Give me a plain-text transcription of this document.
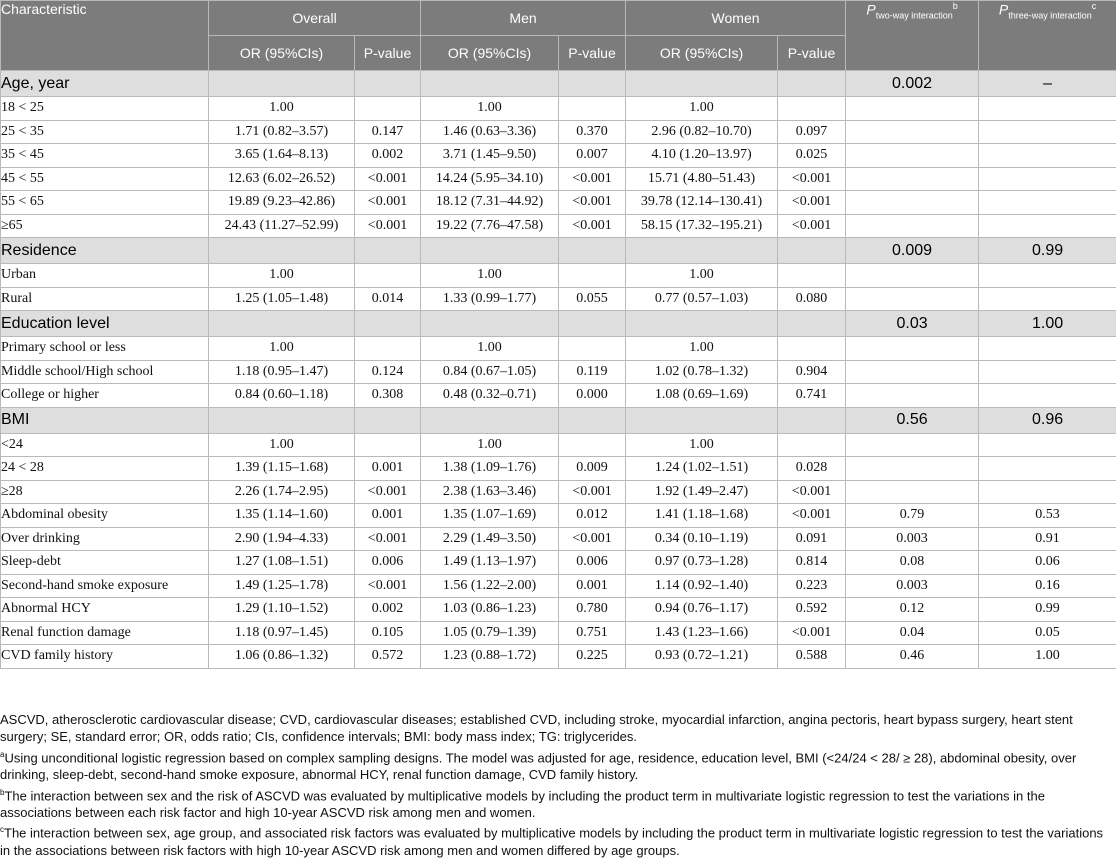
Characteristic	Overall		Men		Women		$P_{two-way interaction}^b$	$P_{three-way interaction}^c$
	OR (95%CIs)	P-value	OR (95%CIs)	P-value	OR (95%CIs)	P-value		
Age, year							0.002	–
18 < 25	1.00		1.00		1.00			
25 < 35	1.71 (0.82–3.57)	0.147	1.46 (0.63–3.36)	0.370	2.96 (0.82–10.70)	0.097		
35 < 45	3.65 (1.64–8.13)	0.002	3.71 (1.45–9.50)	0.007	4.10 (1.20–13.97)	0.025		
45 < 55	12.63 (6.02–26.52)	<0.001	14.24 (5.95–34.10)	<0.001	15.71 (4.80–51.43)	<0.001		
55 < 65	19.89 (9.23–42.86)	<0.001	18.12 (7.31–44.92)	<0.001	39.78 (12.14–130.41)	<0.001		
≥65	24.43 (11.27–52.99)	<0.001	19.22 (7.76–47.58)	<0.001	58.15 (17.32–195.21)	<0.001		
Residence							0.009	0.99
Urban	1.00		1.00		1.00			
Rural	1.25 (1.05–1.48)	0.014	1.33 (0.99–1.77)	0.055	0.77 (0.57–1.03)	0.080		
Education level							0.03	1.00
Primary school or less	1.00		1.00		1.00			
Middle school/High school	1.18 (0.95–1.47)	0.124	0.84 (0.67–1.05)	0.119	1.02 (0.78–1.32)	0.904		
College or higher	0.84 (0.60–1.18)	0.308	0.48 (0.32–0.71)	0.000	1.08 (0.69–1.69)	0.741		
BMI							0.56	0.96
<24	1.00		1.00		1.00			
24 < 28	1.39 (1.15–1.68)	0.001	1.38 (1.09–1.76)	0.009	1.24 (1.02–1.51)	0.028		
≥28	2.26 (1.74–2.95)	<0.001	2.38 (1.63–3.46)	<0.001	1.92 (1.49–2.47)	<0.001		
Abdominal obesity	1.35 (1.14–1.60)	0.001	1.35 (1.07–1.69)	0.012	1.41 (1.18–1.68)	<0.001	0.79	0.53
Over drinking	2.90 (1.94–4.33)	<0.001	2.29 (1.49–3.50)	<0.001	0.34 (0.10–1.19)	0.091	0.003	0.91
Sleep-debt	1.27 (1.08–1.51)	0.006	1.49 (1.13–1.97)	0.006	0.97 (0.73–1.28)	0.814	0.08	0.06
Second-hand smoke exposure	1.49 (1.25–1.78)	<0.001	1.56 (1.22–2.00)	0.001	1.14 (0.92–1.40)	0.223	0.003	0.16
Abnormal HCY	1.29 (1.10–1.52)	0.002	1.03 (0.86–1.23)	0.780	0.94 (0.76–1.17)	0.592	0.12	0.99
Renal function damage	1.18 (0.97–1.45)	0.105	1.05 (0.79–1.39)	0.751	1.43 (1.23–1.66)	<0.001	0.04	0.05
CVD family history	1.06 (0.86–1.32)	0.572	1.23 (0.88–1.72)	0.225	0.93 (0.72–1.21)	0.588	0.46	1.00

ASCVD, atherosclerotic cardiovascular disease; CVD, cardiovascular diseases; established CVD, including stroke, myocardial infarction, angina pectoris, heart bypass surgery, heart stent surgery; SE, standard error; OR, odds ratio; CIs, confidence intervals; BMI: body mass index; TG: triglycerides.

$^a$Using unconditional logistic regression based on complex sampling designs. The model was adjusted for age, residence, education level, BMI (<24/24 < 28/ ≥ 28), abdominal obesity, over drinking, sleep-debt, second-hand smoke exposure, abnormal HCY, renal function damage, CVD family history.

$^b$The interaction between sex and the risk of ASCVD was evaluated by multiplicative models by including the product term in multivariate logistic regression to test the variations in the associations between each risk factor and high 10-year ASCVD risk among men and women.

$^c$The interaction between sex, age group, and associated risk factors was evaluated by multiplicative models by including the product term in multivariate logistic regression to test the variations in the associations between risk factors with high 10-year ASCVD risk among men and women differed by age groups.
